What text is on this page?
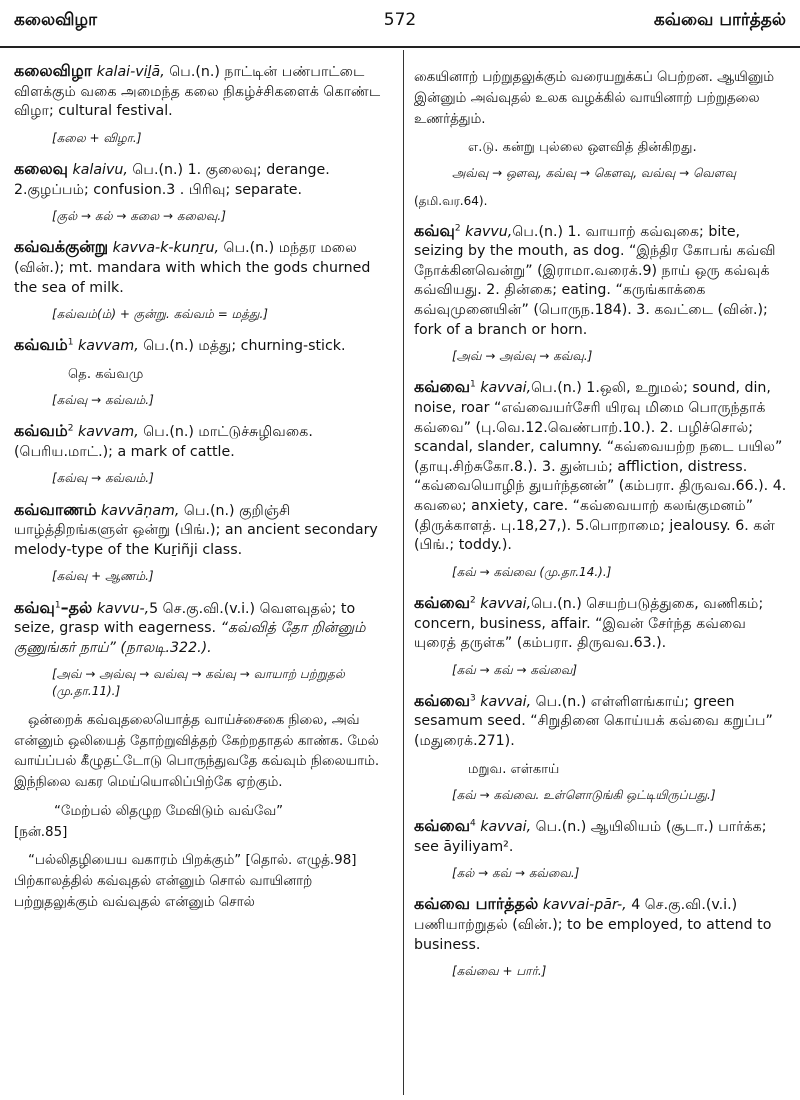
கலைவிழா	572	கவ்வை பார்த்தல்
கலைவிழா kalai-viḻā, பெ.(n.) நாட்டின் பண்பாட்டை விளக்கும் வகை அமைந்த கலை நிகழ்ச்சிகளைக் கொண்ட விழா; cultural festival.
[கலை + விழா.]
கலைவு kalaivu, பெ.(n.) 1. குலைவு; derange. 2.குழப்பம்; confusion.3 . பிரிவு; separate.
[குல் → கல் → கலை → கலைவு.]
கவ்வக்குன்று kavva-k-kunṟu, பெ.(n.) மந்தர மலை (வின்.); mt. mandara with which the gods churned the sea of milk.
[கவ்வம்(ம்) + குன்று. கவ்வம் = மத்து.]
கவ்வம்$^1$ kavvam, பெ.(n.) மத்து; churning-stick.
தெ. கவ்வமு
[கவ்வு → கவ்வம்.]
கவ்வம்$^2$ kavvam, பெ.(n.) மாட்டுச்சுழிவகை. (பெரிய.மாட்.); a mark of cattle.
[கவ்வு → கவ்வம்.]
கவ்வாணம் kavvāṇam, பெ.(n.) குறிஞ்சி யாழ்த்திறங்களுள் ஒன்று (பிங்.); an ancient secondary melody-type of the Kuṟiñji class.
[கவ்வு + ஆணம்.]
கவ்வு$^1$–தல் kavvu-,5 செ.கு.வி.(v.i.) வௌவுதல்; to seize, grasp with eagerness. “கவ்வித் தோ றின்னும் குணுங்கர் நாய்” (நாலடி.322.).
[அவ் → அவ்வு → வவ்வு → கவ்வு → வாயாற் பற்றுதல் (மு.தா.11).]
ஒன்றைக் கவ்வுதலையொத்த வாய்ச்சைகை நிலை, அவ் என்னும் ஒலியைத் தோற்றுவித்தற் கேற்றதாதல் காண்க. மேல் வாய்ப்பல் கீழுதட்டோடு பொருந்துவதே கவ்வும் நிலையாம். இந்நிலை வகர மெய்யொலிப்பிற்கே ஏற்கும்.
“மேற்பல் லிதழுற மேவிடும் வவ்வே”
[நன்.85]
“பல்லிதழியைய வகாரம் பிறக்கும்” [தொல். எழுத்.98] பிற்காலத்தில் கவ்வுதல் என்னும் சொல் வாயினாற் பற்றுதலுக்கும் வவ்வுதல் என்னும் சொல்
கையினாற் பற்றுதலுக்கும் வரையறுக்கப் பெற்றன. ஆயினும் இன்னும் அவ்வுதல் உலக வழக்கில் வாயினாற் பற்றுதலை உணர்த்தும்.
எ.டு. கன்று புல்லை ஔவித் தின்கிறது.
அவ்வு → ஔவு, கவ்வு → கௌவு, வவ்வு → வௌவு
(தமி.வர.64).
கவ்வு$^2$ kavvu,பெ.(n.) 1. வாயாற் கவ்வுகை; bite, seizing by the mouth, as dog. “இந்திர கோபங் கவ்வி நோக்கினவென்று” (இராமா.வரைக்.9) நாய் ஒரு கவ்வுக் கவ்வியது. 2. தின்கை; eating. “கருங்காக்கை கவ்வுமுனையின்” (பொருந.184). 3. கவட்டை (வின்.); fork of a branch or horn.
[அவ் → அவ்வு → கவ்வு.]
கவ்வை$^1$ kavvai,பெ.(n.) 1.ஒலி, உறுமல்; sound, din, noise, roar “எவ்வையர்சேரி யிரவு மிமை பொருந்தாக் கவ்வை” (பு.வெ.12.வெண்பாற்.10.). 2. பழிச்சொல்; scandal, slander, calumny. “கவ்வையற்ற நடை பயில” (தாயு.சிற்சுகோ.8.). 3. துன்பம்; affliction, distress. “கவ்வையொழிந் துயர்ந்தனன்” (கம்பரா. திருவவ.66.). 4. கவலை; anxiety, care. “கவ்வையாற் கலங்குமனம்” (திருக்காளத். பு.18,27,). 5.பொறாமை; jealousy. 6. கள் (பிங்.; toddy.).
[கவ் → கவ்வை (மு.தா.14.).]
கவ்வை$^2$ kavvai,பெ.(n.) செயற்படுத்துகை, வணிகம்; concern, business, affair. “இவன் சேர்ந்த கவ்வை யுரைத் தருள்க” (கம்பரா. திருவவ.63.).
[கவ் → கவ் → கவ்வை]
கவ்வை$^3$ kavvai, பெ.(n.) எள்ளிளங்காய்; green sesamum seed. “சிறுதினை கொய்யக் கவ்வை கறுப்ப” (மதுரைக்.271).
மறுவ. எள்காய்
[கவ் → கவ்வை. உள்ளொடுங்கி ஒட்டியிருப்பது.]
கவ்வை$^4$ kavvai, பெ.(n.) ஆயிலியம் (சூடா.) பார்க்க; see āyiliyam².
[கல் → கவ் → கவ்வை.]
கவ்வை பார்த்தல் kavvai-pār-, 4 செ.கு.வி.(v.i.) பணியாற்றுதல் (வின்.); to be employed, to attend to business.
[கவ்வை + பார்.]
